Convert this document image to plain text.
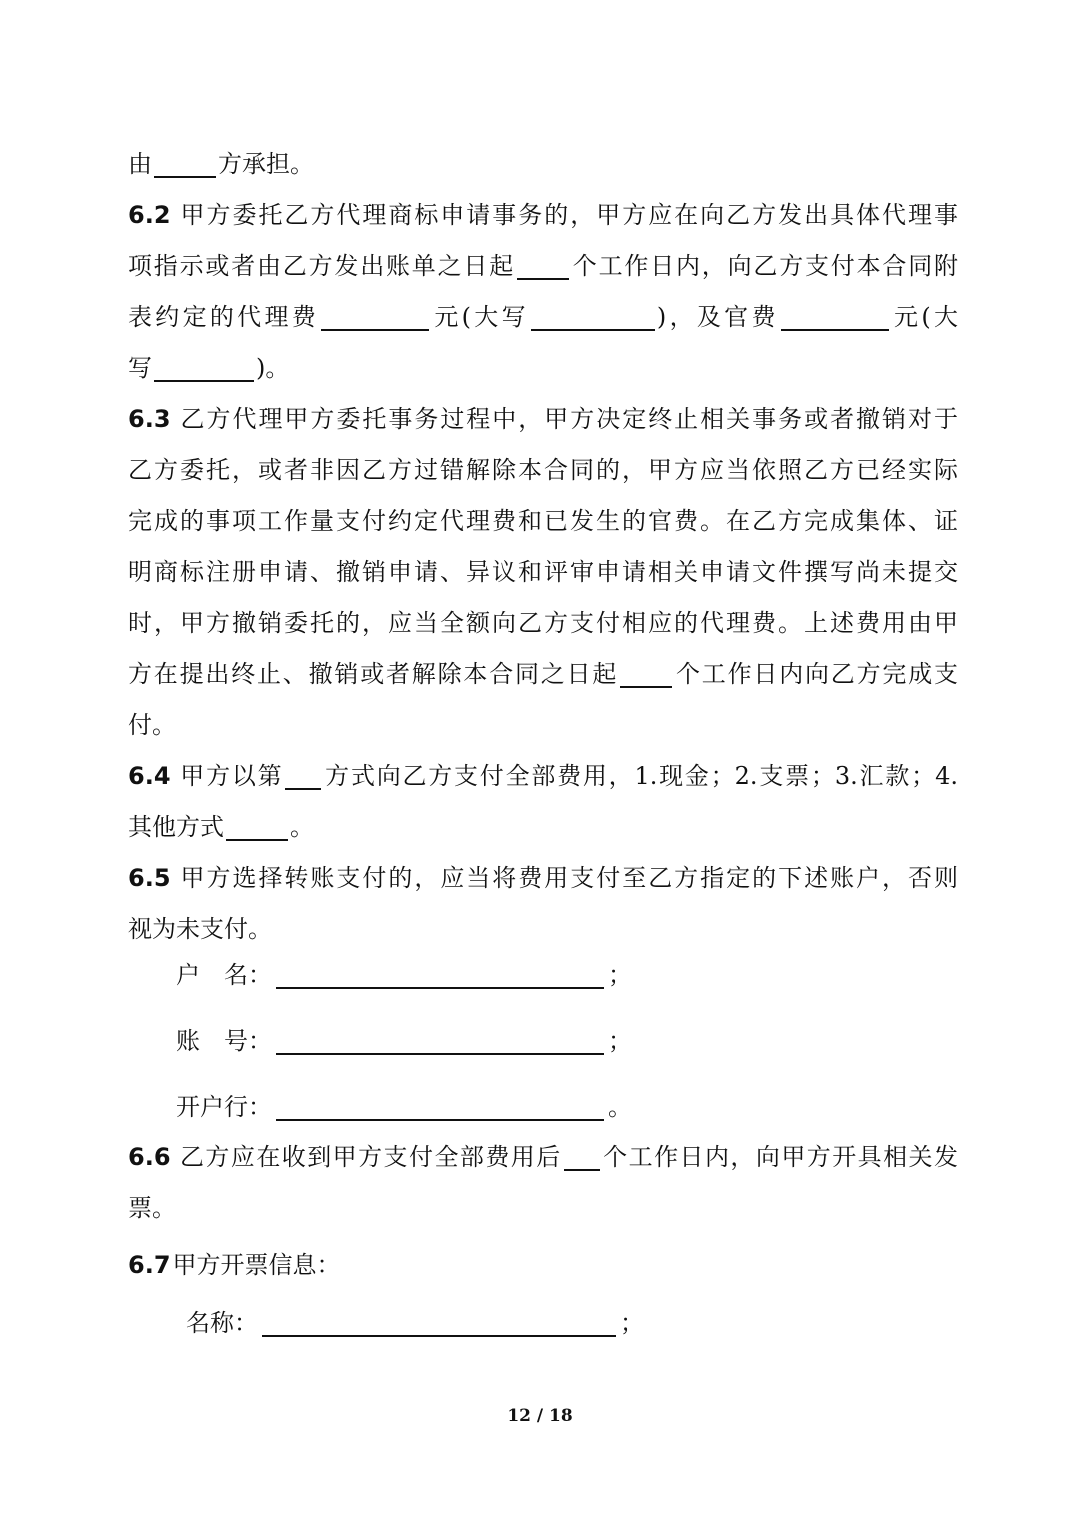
由	方承担。
6.2 甲方委托乙方代理商标申请事务的，甲方应在向乙方发出具体代理事
项指示或者由乙方发出账单之日起 个工作日内，向乙方支付本合同附
表约定的代理费	元(大写	)，及官费	元(大
写	)。
6.3 乙方代理甲方委托事务过程中，甲方决定终止相关事务或者撤销对于
乙方委托，或者非因乙方过错解除本合同的，甲方应当依照乙方已经实际
完成的事项工作量支付约定代理费和已发生的官费。在乙方完成集体、证
明商标注册申请、撤销申请、异议和评审申请相关申请文件撰写尚未提交
时，甲方撤销委托的，应当全额向乙方支付相应的代理费。上述费用由甲
方在提出终止、撤销或者解除本合同之日起 个工作日内向乙方完成支
付。
6.4 甲方以第 方式向乙方支付全部费用，1.现金；2.支票；3.汇款；4.
其他方式	。
6.5 甲方选择转账支付的，应当将费用支付至乙方指定的下述账户，否则
视为未支付。
户　名：	；
账　号：	；
开户行：	。
6.6 乙方应在收到甲方支付全部费用后 个工作日内，向甲方开具相关发
票。
6.7甲方开票信息：
名称：	；
12 / 18
